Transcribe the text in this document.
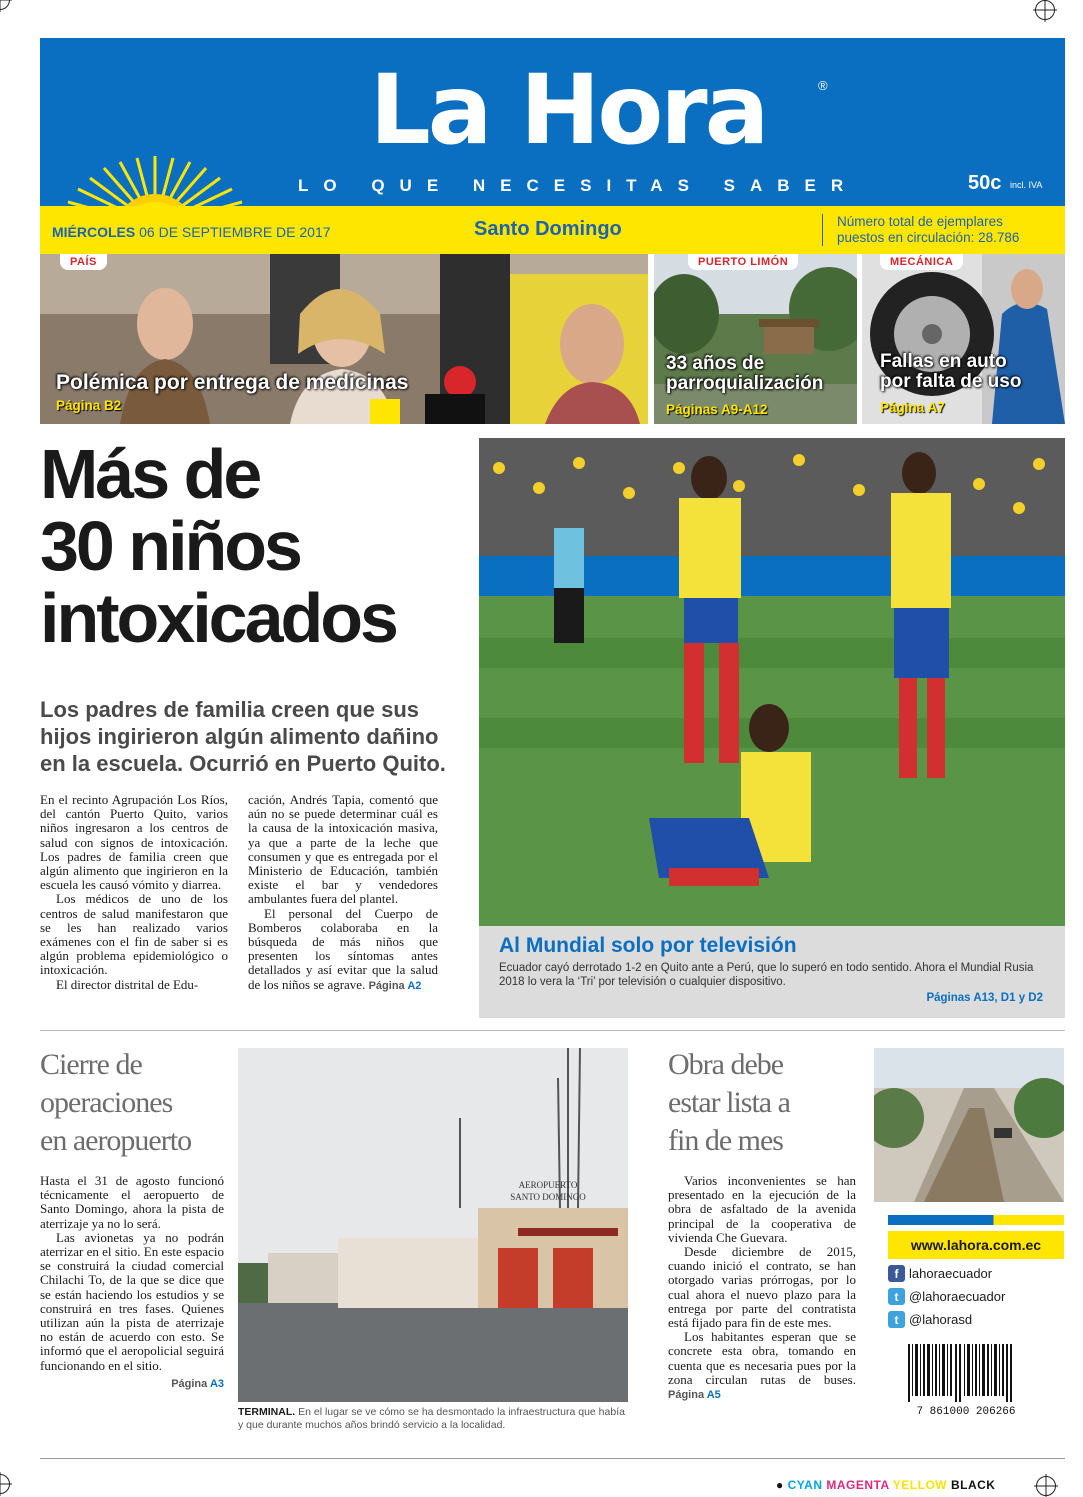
La Hora	®
LO QUE NECESITAS SABER	50c incl. IVA
MIÉRCOLES 06 DE SEPTIEMBRE DE 2017	Santo Domingo	Número total de ejemplares
puestos en circulación: 28.786
PAÍS
Polémica por entrega de medicinas
Página B2
PUERTO LIMÓN
33 años de
parroquialización
Páginas A9-A12
MECÁNICA
Fallas en auto
por falta de uso
Página A7
Más de
30 niños
intoxicados
Los padres de familia creen que sus hijos ingirieron algún alimento dañino en la escuela. Ocurrió en Puerto Quito.

En el recinto Agrupación Los Ríos, del cantón Puerto Quito, varios niños ingresaron a los centros de salud con signos de intoxicación. Los padres de familia creen que algún alimento que ingirieron en la escuela les causó vómito y diarrea.

Los médicos de uno de los centros de salud manifestaron que se les han realizado varios exámenes con el fin de saber si es algún problema epidemiológico o intoxicación.

El director distrital de Edu-

cación, Andrés Tapia, comentó que aún no se puede determinar cuál es la causa de la intoxicación masiva, ya que a parte de la leche que consumen y que es entregada por el Ministerio de Educación, también existe el bar y vendedores ambulantes fuera del plantel.

El personal del Cuerpo de Bomberos colaboraba en la búsqueda de más niños que presenten los síntomas antes detallados y así evitar que la salud de los niños se agrave. Página A2

Al Mundial solo por televisión
Ecuador cayó derrotado 1-2 en Quito ante a Perú, que lo superó en todo sentido. Ahora el Mundial Rusia 2018 lo vera la ‘Tri’ por televisión o cualquier dispositivo.
Páginas A13, D1 y D2
Cierre de
operaciones
en aeropuerto

Hasta el 31 de agosto funcionó técnicamente el aeropuerto de Santo Domingo, ahora la pista de aterrizaje ya no lo será.

Las avionetas ya no podrán aterrizar en el sitio. En este espacio se construirá la ciudad comercial Chilachi To, de la que se dice que se están haciendo los estudios y se construirá en tres fases. Quienes utilizan aún la pista de aterrizaje no están de acuerdo con esto. Se informó que el aeropolicial seguirá funcionando en el sitio.

Página A3

AEROPUERTO
SANTO DOMINGO
TERMINAL. En el lugar se ve cómo se ha desmontado la infraestructura que había y que durante muchos años brindó servicio a la localidad.
Obra debe
estar lista a
fin de mes

Varios inconvenientes se han presentado en la ejecución de la obra de asfaltado de la avenida principal de la cooperativa de vivienda Che Guevara.

Desde diciembre de 2015, cuando inició el contrato, se han otorgado varias prórrogas, por lo cual ahora el nuevo plazo para la entrega por parte del contratista está fijado para fin de este mes.

Los habitantes esperan que se concrete esta obra, tomando en cuenta que es necesaria pues por la zona circulan rutas de buses. Página A5

www.lahora.com.ec
f lahoraecuador
t @lahoraecuador
t @lahorasd
7 861000 206266
● CYAN MAGENTA YELLOW BLACK
